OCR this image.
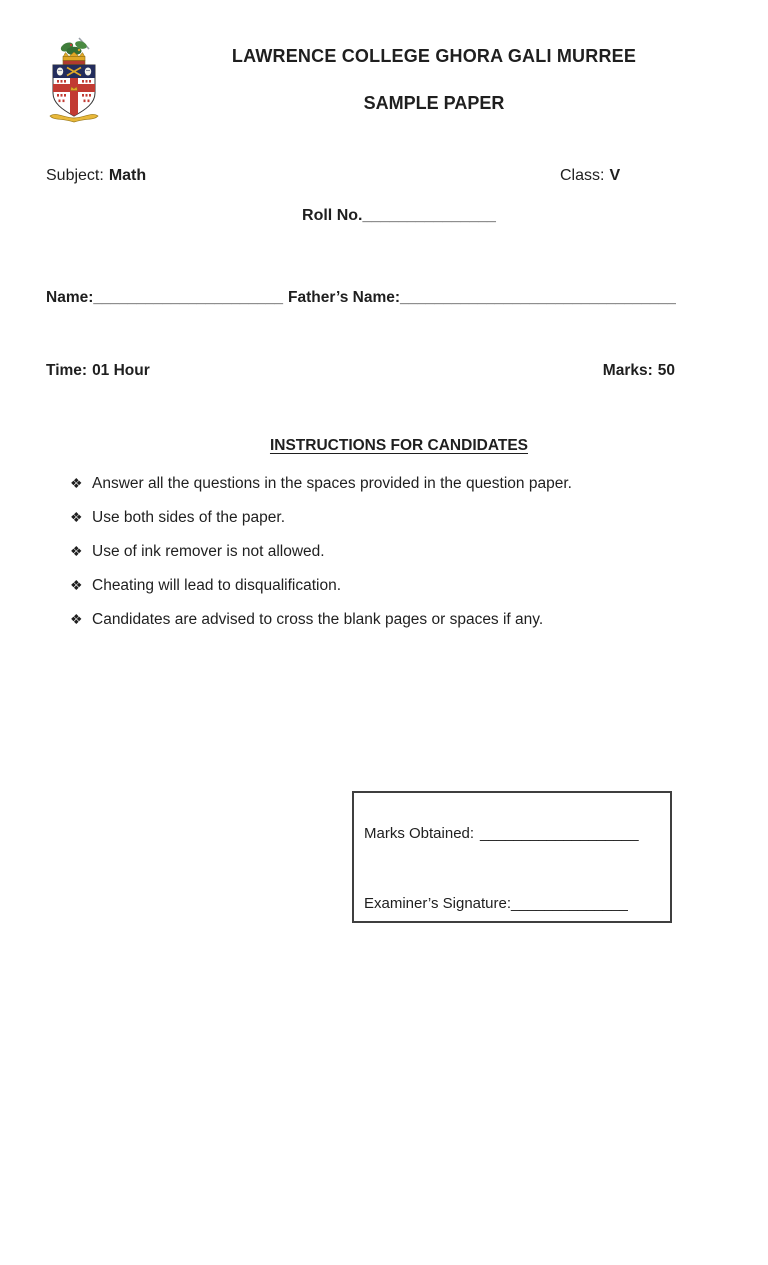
LAWRENCE COLLEGE GHORA GALI MURREE
SAMPLE PAPER
Subject: Math	Class: V
Roll No._______________
Name:______________________ Father’s Name:________________________________
Time: 01 Hour	Marks: 50
INSTRUCTIONS FOR CANDIDATES
❖ Answer all the questions in the spaces provided in the question paper.
❖ Use both sides of the paper.
❖ Use of ink remover is not allowed.
❖ Cheating will lead to disqualification.
❖ Candidates are advised to cross the blank pages or spaces if any.
Marks Obtained: ___________________
Examiner’s Signature:______________
